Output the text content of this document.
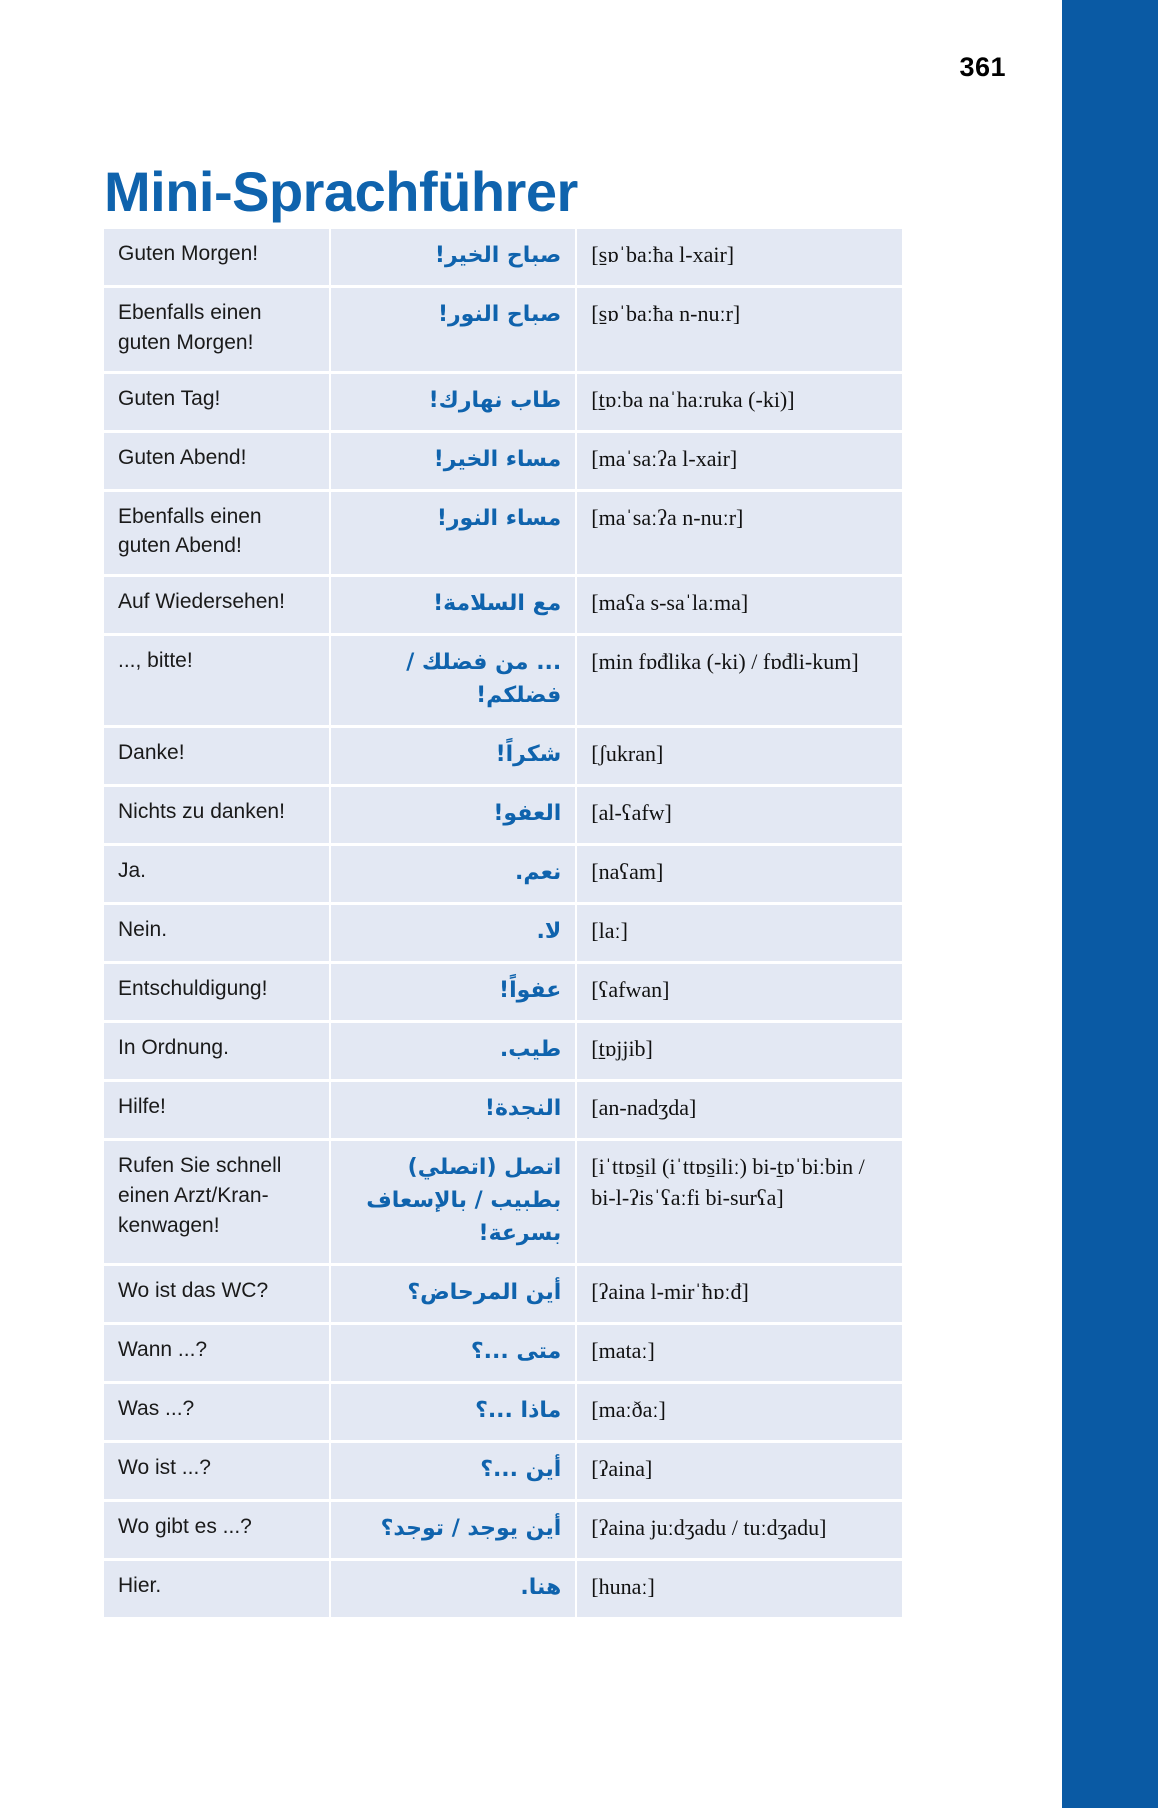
361
Mini-Sprachführer
Guten Morgen!	صباح الخير!	[s̠ɒˈbaːħa l-xair]
Ebenfalls einen guten Morgen!	صباح النور!	[s̠ɒˈbaːħa n-nuːr]
Guten Tag!	طاب نهارك!	[t̠ɒːba naˈhaːruka (-ki)]
Guten Abend!	مساء الخير!	[maˈsaːʔa l-xair]
Ebenfalls einen guten Abend!	مساء النور!	[maˈsaːʔa n-nuːr]
Auf Wiedersehen!	مع السلامة!	[maʕa s-saˈlaːma]
..., bitte!	... من فضلك / فضلكم!	[min fɒđlika (-ki) / fɒđli-kum]
Danke!	شكراً!	[ʃukran]
Nichts zu danken!	العفو!	[al-ʕafw]
Ja.	نعم.	[naʕam]
Nein.	لا.	[laː]
Entschuldigung!	عفواً!	[ʕafwan]
In Ordnung.	طيب.	[t̠ɒjjib]
Hilfe!	النجدة!	[an-nadʒda]
Rufen Sie schnell einen Arzt/Kran-kenwagen!	اتصل (اتصلي) بطبيب / بالإسعاف بسرعة!	[iˈttɒs̠il (iˈttɒs̠iliː) bi-t̠ɒˈbiːbin / bi-l-ʔisˈʕaːfi bi-surʕa]
Wo ist das WC?	أين المرحاض؟	[ʔaina l-mirˈħɒːđ]
Wann ...?	متى ...؟	[mataː]
Was ...?	ماذا ...؟	[maːðaː]
Wo ist ...?	أين ...؟	[ʔaina]
Wo gibt es ...?	أين يوجد / توجد؟	[ʔaina juːdʒadu / tuːdʒadu]
Hier.	هنا.	[hunaː]
